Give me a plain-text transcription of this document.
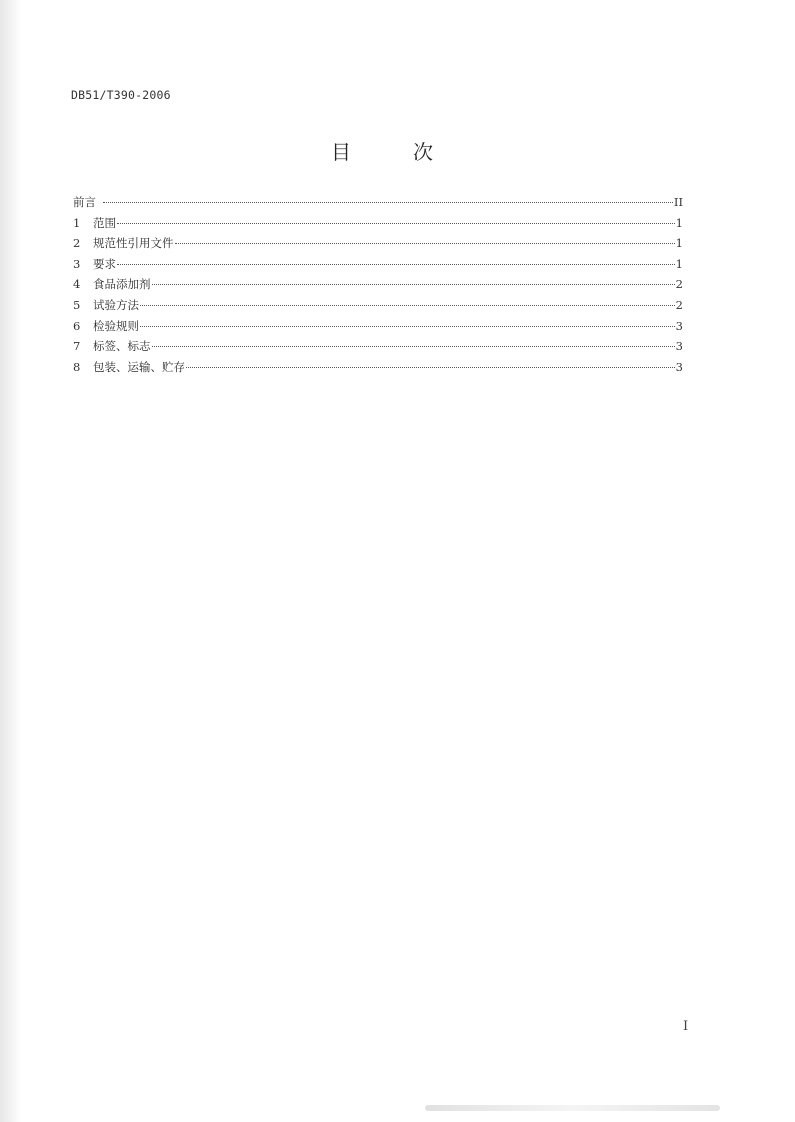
DB51/T390-2006
目次
前言	II
1	范围	1
2	规范性引用文件	1
3	要求	1
4	食品添加剂	2
5	试验方法	2
6	检验规则	3
7	标签、标志	3
8	包装、运输、贮存	3
I
